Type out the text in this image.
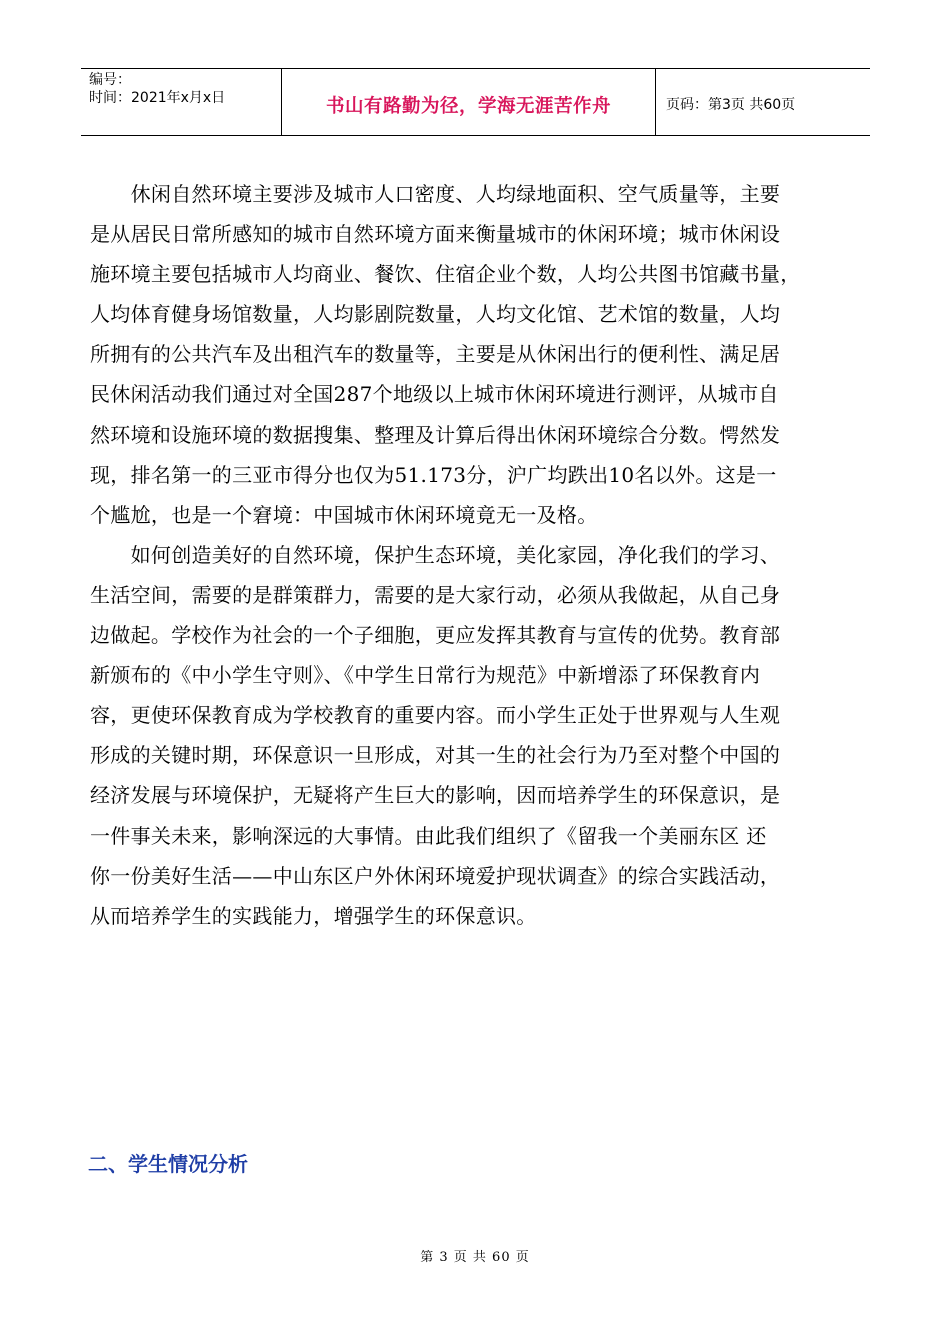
编号：
时间：2021年x月x日	书山有路勤为径，学海无涯苦作舟	页码：第3页 共60页

　　休闲自然环境主要涉及城市人口密度、人均绿地面积、空气质量等，主要
是从居民日常所感知的城市自然环境方面来衡量城市的休闲环境；城市休闲设
施环境主要包括城市人均商业、餐饮、住宿企业个数，人均公共图书馆藏书量，
人均体育健身场馆数量，人均影剧院数量，人均文化馆、艺术馆的数量，人均
所拥有的公共汽车及出租汽车的数量等，主要是从休闲出行的便利性、满足居
民休闲活动我们通过对全国287个地级以上城市休闲环境进行测评，从城市自
然环境和设施环境的数据搜集、整理及计算后得出休闲环境综合分数。愕然发
现，排名第一的三亚市得分也仅为51.173分，沪广均跌出10名以外。这是一
个尴尬，也是一个窘境：中国城市休闲环境竟无一及格。

　　如何创造美好的自然环境，保护生态环境，美化家园，净化我们的学习、
生活空间，需要的是群策群力，需要的是大家行动，必须从我做起，从自己身
边做起。学校作为社会的一个子细胞，更应发挥其教育与宣传的优势。教育部
新颁布的《中小学生守则》、《中学生日常行为规范》中新增添了环保教育内
容，更使环保教育成为学校教育的重要内容。而小学生正处于世界观与人生观
形成的关键时期，环保意识一旦形成，对其一生的社会行为乃至对整个中国的
经济发展与环境保护，无疑将产生巨大的影响，因而培养学生的环保意识，是
一件事关未来，影响深远的大事情。由此我们组织了《留我一个美丽东区 还
你一份美好生活——中山东区户外休闲环境爱护现状调查》的综合实践活动，
从而培养学生的实践能力，增强学生的环保意识。

二、学生情况分析
第 3 页 共 60 页
